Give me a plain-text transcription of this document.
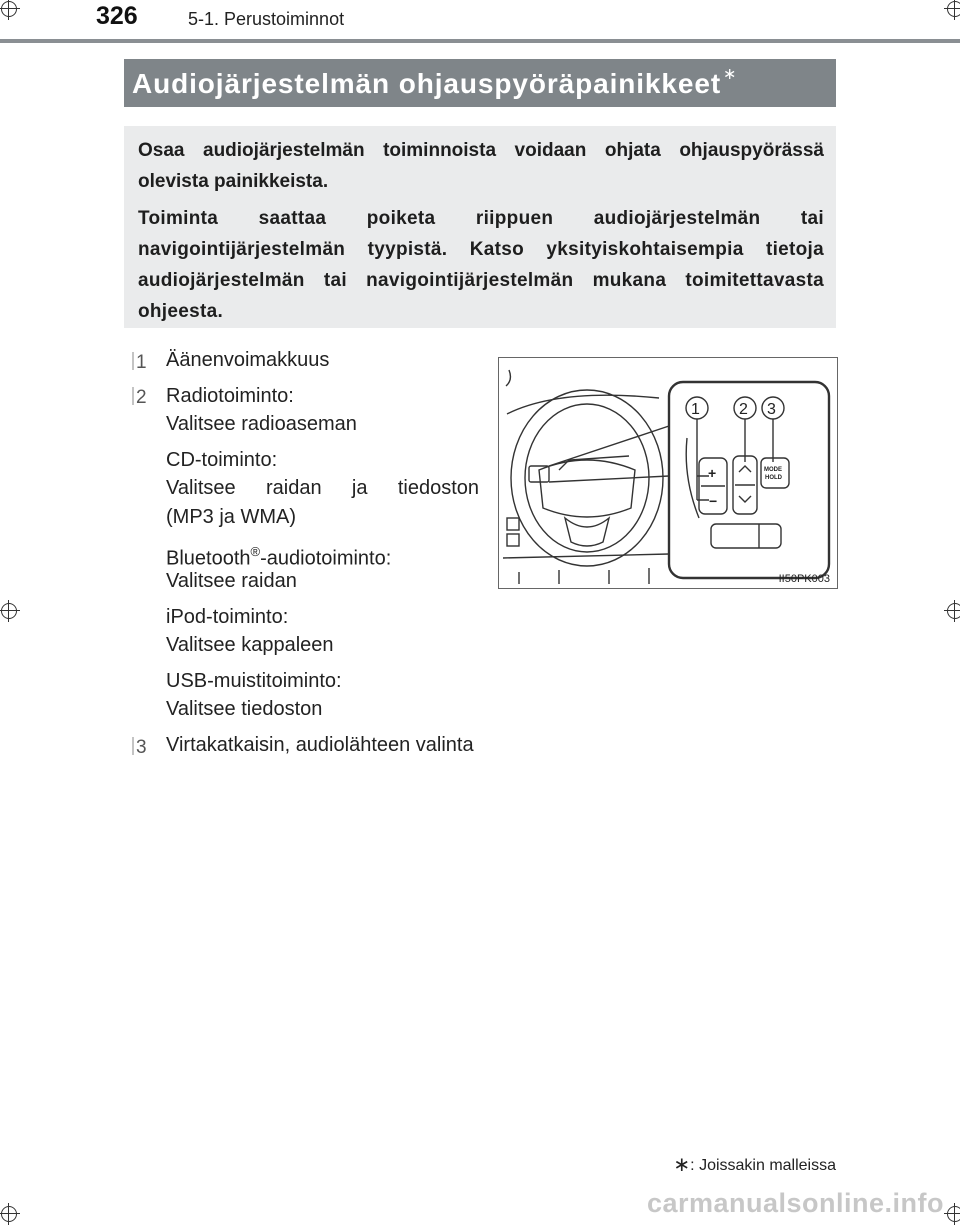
326	5-1. Perustoiminnot
Audiojärjestelmän ohjauspyöräpainikkeet ∗
Osaa audiojärjestelmän toiminnoista voidaan ohjata ohjauspyörässä olevista painikkeista.
Toiminta saattaa poiketa riippuen audiojärjestelmän tai navigointijärjestelmän tyypistä. Katso yksityiskohtaisempia tietoja audiojärjestelmän tai navigointijärjestelmän mukana toimitettavasta ohjeesta.
1 Äänenvoimakkuus
2 Radiotoiminto:
Valitsee radioaseman
CD-toiminto:
Valitsee raidan ja tiedoston
(MP3 ja WMA)
Bluetooth®-audiotoiminto:
Valitsee raidan
iPod-toiminto:
Valitsee kappaleen
USB-muistitoiminto:
Valitsee tiedoston
3 Virtakatkaisin, audiolähteen valinta
+
−
MODE
HOLD
1 2 3
II50PK003
∗: Joissakin malleissa
carmanualsonline.info
